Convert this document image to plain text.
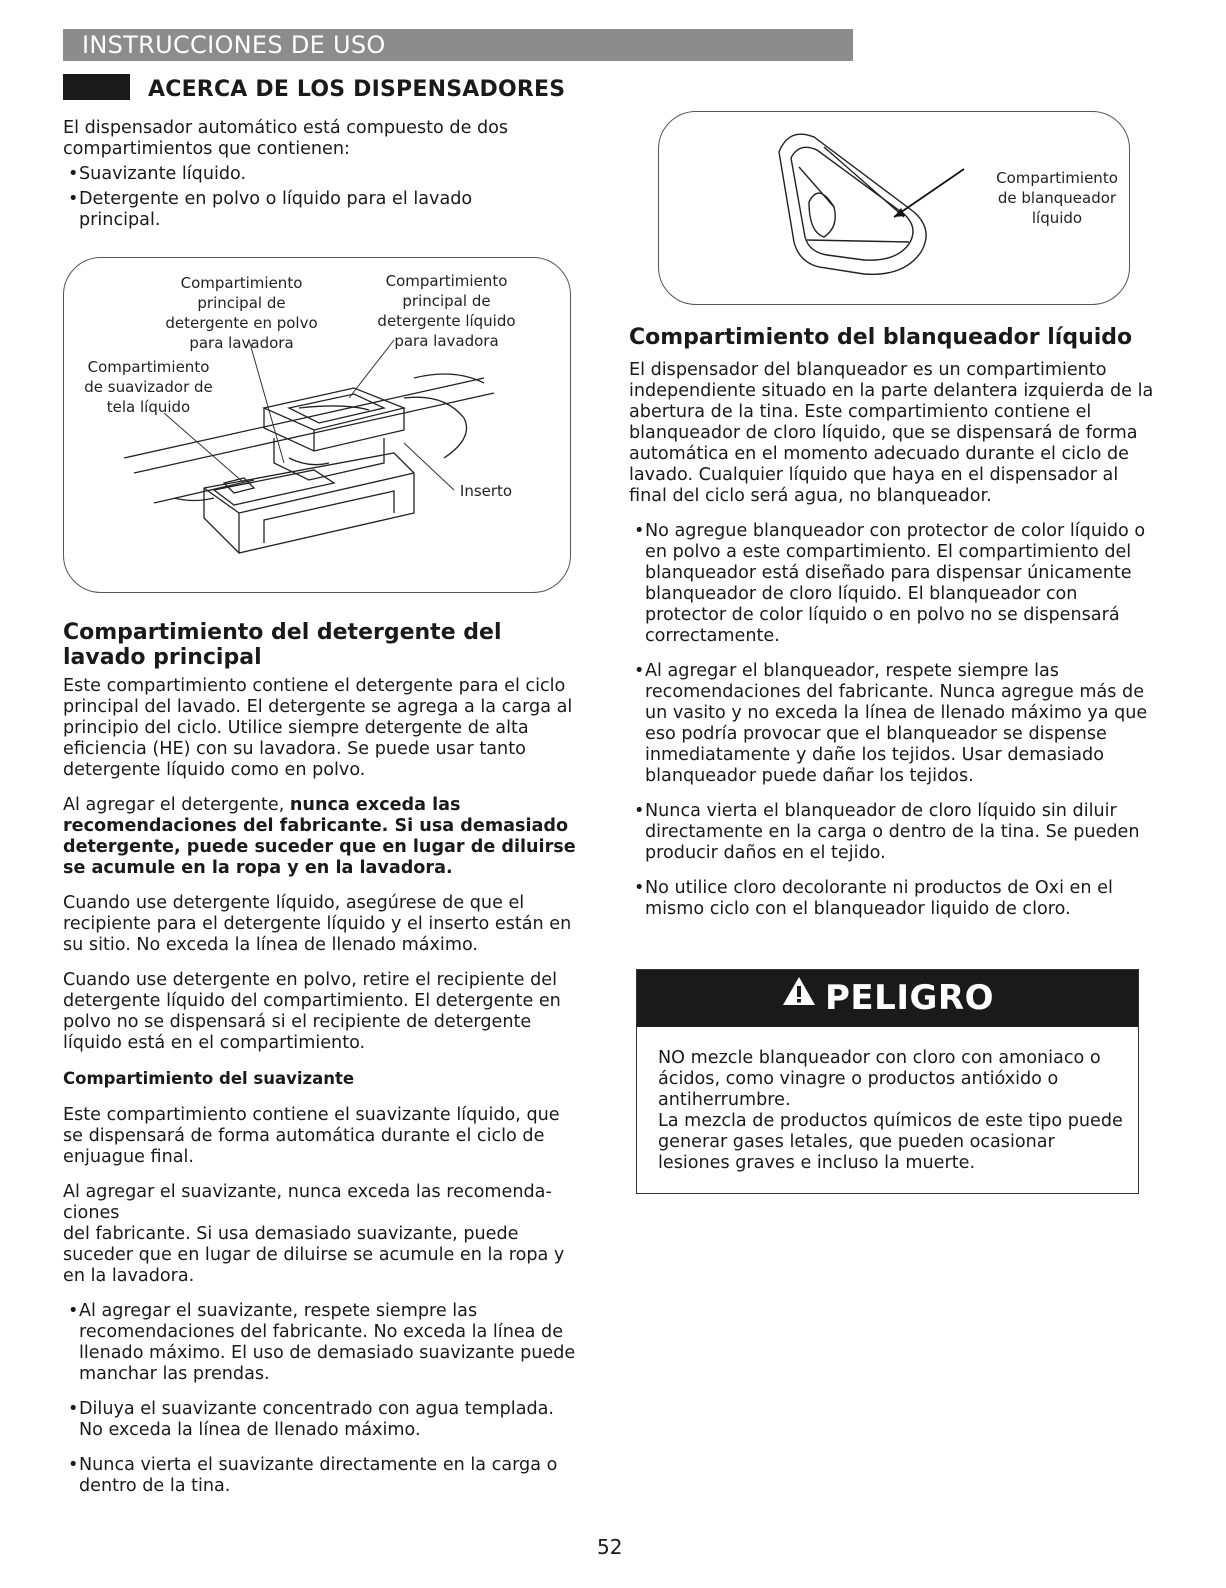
INSTRUCCIONES DE USO
ACERCA DE LOS DISPENSADORES

El dispensador automático está compuesto de dos compartimientos que contienen:

•Suavizante líquido.

•Detergente en polvo o líquido para el lavado principal.

Compartimiento principal de detergente en polvo para lavadora
Compartimiento principal de detergente líquido para lavadora
Compartimiento de suavizador de tela líquido
Inserto
Compartimiento del detergente del lavado principal

Este compartimiento contiene el detergente para el ciclo principal del lavado. El detergente se agrega a la carga al principio del ciclo. Utilice siempre detergente de alta eficiencia (HE) con su lavadora. Se puede usar tanto detergente líquido como en polvo.

Al agregar el detergente, nunca exceda las recomendaciones del fabricante. Si usa demasiado detergente, puede suceder que en lugar de diluirse se acumule en la ropa y en la lavadora.

Cuando use detergente líquido, asegúrese de que el recipiente para el detergente líquido y el inserto están en su sitio. No exceda la línea de llenado máximo.

Cuando use detergente en polvo, retire el recipiente del detergente líquido del compartimiento. El detergente en polvo no se dispensará si el recipiente de detergente líquido está en el compartimiento.

Compartimiento del suavizante

Este compartimiento contiene el suavizante líquido, que se dispensará de forma automática durante el ciclo de enjuague final.

Al agregar el suavizante, nunca exceda las recomenda-
ciones
del fabricante. Si usa demasiado suavizante, puede suceder que en lugar de diluirse se acumule en la ropa y en la lavadora.

•Al agregar el suavizante, respete siempre las recomendaciones del fabricante. No exceda la línea de llenado máximo. El uso de demasiado suavizante puede manchar las prendas.

•Diluya el suavizante concentrado con agua templada. No exceda la línea de llenado máximo.

•Nunca vierta el suavizante directamente en la carga o dentro de la tina.

Compartimiento de blanqueador líquido
Compartimiento del blanqueador líquido

El dispensador del blanqueador es un compartimiento independiente situado en la parte delantera izquierda de la abertura de la tina. Este compartimiento contiene el blanqueador de cloro líquido, que se dispensará de forma automática en el momento adecuado durante el ciclo de lavado. Cualquier líquido que haya en el dispensador al final del ciclo será agua, no blanqueador.

•No agregue blanqueador con protector de color líquido o en polvo a este compartimiento. El compartimiento del blanqueador está diseñado para dispensar únicamente blanqueador de cloro líquido. El blanqueador con protector de color líquido o en polvo no se dispensará correctamente.

•Al agregar el blanqueador, respete siempre las recomendaciones del fabricante. Nunca agregue más de un vasito y no exceda la línea de llenado máximo ya que eso podría provocar que el blanqueador se dispense inmediatamente y dañe los tejidos. Usar demasiado blanqueador puede dañar los tejidos.

•Nunca vierta el blanqueador de cloro líquido sin diluir directamente en la carga o dentro de la tina. Se pueden producir daños en el tejido.

•No utilice cloro decolorante ni productos de Oxi en el mismo ciclo con el blanqueador liquido de cloro.

PELIGRO
NO mezcle blanqueador con cloro con amoniaco o ácidos, como vinagre o productos antióxido o antiherrumbre.
La mezcla de productos químicos de este tipo puede generar gases letales, que pueden ocasionar lesiones graves e incluso la muerte.
52
